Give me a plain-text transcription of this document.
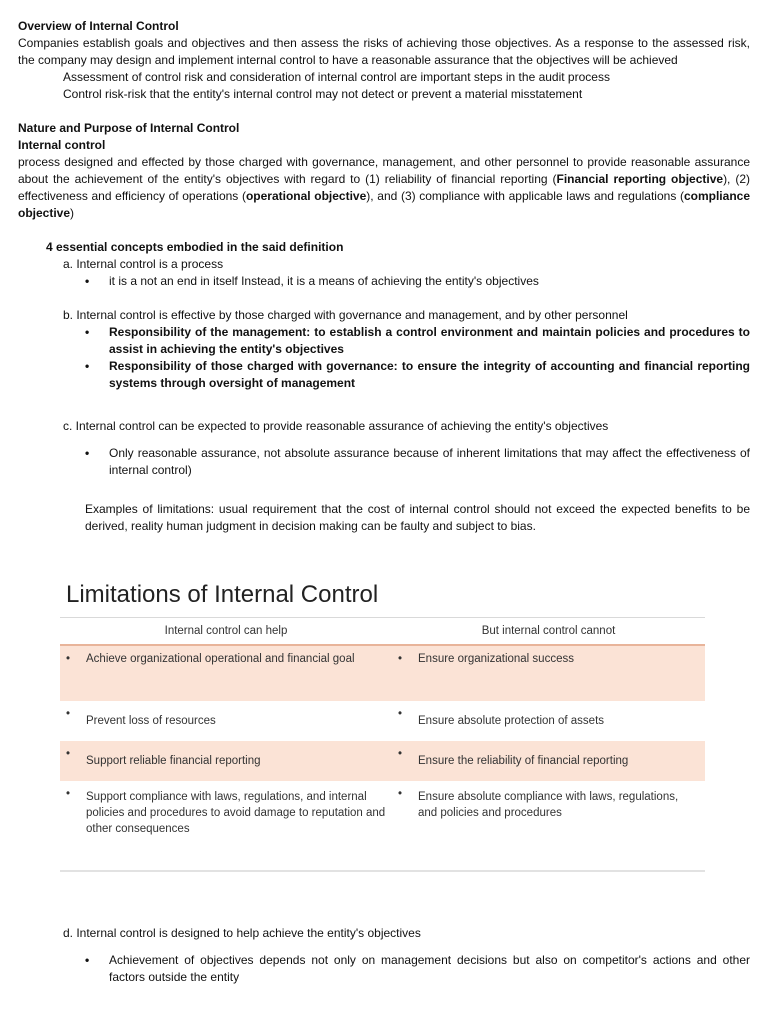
Overview of Internal Control

Companies establish goals and objectives and then assess the risks of achieving those objectives. As a response to the assessed risk, the company may design and implement internal control to have a reasonable assurance that the objectives will be achieved

Assessment of control risk and consideration of internal control are important steps in the audit process

Control risk-risk that the entity's internal control may not detect or prevent a material misstatement

Nature and Purpose of Internal Control

Internal control

process designed and effected by those charged with governance, management, and other personnel to provide reasonable assurance about the achievement of the entity's objectives with regard to (1) reliability of financial reporting (Financial reporting objective), (2) effectiveness and efficiency of operations (operational objective), and (3) compliance with applicable laws and regulations (compliance objective)

4 essential concepts embodied in the said definition

a. Internal control is a process

• it is a not an end in itself Instead, it is a means of achieving the entity's objectives

b. Internal control is effective by those charged with governance and management, and by other personnel

• Responsibility of the management: to establish a control environment and maintain policies and procedures to assist in achieving the entity's objectives
• Responsibility of those charged with governance: to ensure the integrity of accounting and financial reporting systems through oversight of management

c. Internal control can be expected to provide reasonable assurance of achieving the entity's objectives

• Only reasonable assurance, not absolute assurance because of inherent limitations that may affect the effectiveness of internal control)

Examples of limitations: usual requirement that the cost of internal control should not exceed the expected benefits to be derived, reality human judgment in decision making can be faulty and subject to bias.

Limitations of Internal Control

Internal control can help	But internal control cannot
• Achieve organizational operational and financial goal	• Ensure organizational success
• Prevent loss of resources	• Ensure absolute protection of assets
• Support reliable financial reporting	• Ensure the reliability of financial reporting
• Support compliance with laws, regulations, and internal policies and procedures to avoid damage to reputation and other consequences	• Ensure absolute compliance with laws, regulations, and policies and procedures

d. Internal control is designed to help achieve the entity's objectives

• Achievement of objectives depends not only on management decisions but also on competitor's actions and other factors outside the entity
